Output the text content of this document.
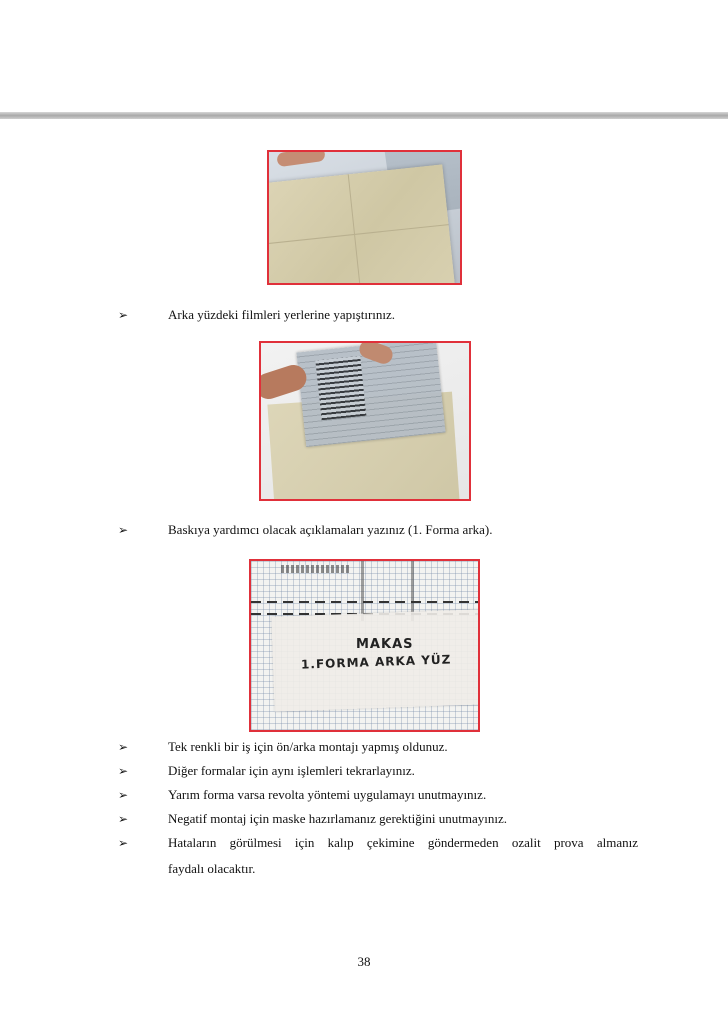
➢	Arka yüzdeki filmleri yerlerine yapıştırınız.
➢	Baskıya yardımcı olacak açıklamaları yazınız (1. Forma arka).
MAKAS
1.FORMA ARKA YÜZ
➢	Tek renkli bir iş için ön/arka montajı yapmış oldunuz.
➢	Diğer formalar için aynı işlemleri tekrarlayınız.
➢	Yarım forma varsa revolta yöntemi uygulamayı unutmayınız.
➢	Negatif montaj için maske hazırlamanız gerektiğini unutmayınız.
➢	Hataların görülmesi için kalıp çekimine göndermeden ozalit prova almanız
faydalı olacaktır.
38
